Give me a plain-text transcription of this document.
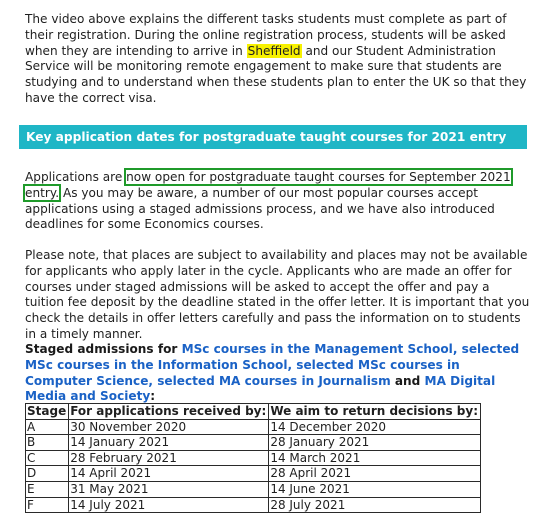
The video above explains the different tasks students must complete as part of their registration. During the online registration process, students will be asked when they are intending to arrive in Sheffield and our Student Administration Service will be monitoring remote engagement to make sure that students are studying and to understand when these students plan to enter the UK so that they have the correct visa.

Key application dates for postgraduate taught courses for 2021 entry

Applications are now open for postgraduate taught courses for September 2021 entry. As you may be aware, a number of our most popular courses accept applications using a staged admissions process, and we have also introduced deadlines for some Economics courses.

Please note, that places are subject to availability and places may not be available for applicants who apply later in the cycle. Applicants who are made an offer for courses under staged admissions will be asked to accept the offer and pay a tuition fee deposit by the deadline stated in the offer letter. It is important that you check the details in offer letters carefully and pass the information on to students in a timely manner.

Staged admissions for MSc courses in the Management School, selected MSc courses in the Information School, selected MSc courses in Computer Science, selected MA courses in Journalism and MA Digital Media and Society:

Stage	For applications received by:	We aim to return decisions by:
A	30 November 2020	14 December 2020
B	14 January 2021	28 January 2021
C	28 February 2021	14 March 2021
D	14 April 2021	28 April 2021
E	31 May 2021	14 June 2021
F	14 July 2021	28 July 2021
